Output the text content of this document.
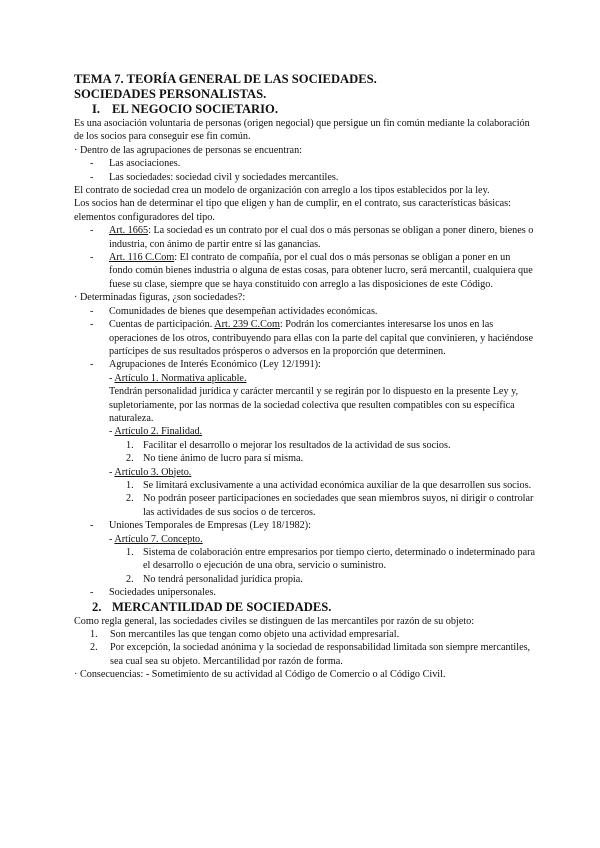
TEMA 7. TEORÍA GENERAL DE LAS SOCIEDADES.
SOCIEDADES PERSONALISTAS.
I. EL NEGOCIO SOCIETARIO.

Es una asociación voluntaria de personas (origen negocial) que persigue un fin común mediante la colaboración de los socios para conseguir ese fin común.

· Dentro de las agrupaciones de personas se encuentran:

- Las asociaciones.
- Las sociedades: sociedad civil y sociedades mercantiles.

El contrato de sociedad crea un modelo de organización con arreglo a los tipos establecidos por la ley.

Los socios han de determinar el tipo que eligen y han de cumplir, en el contrato, sus características básicas: elementos configuradores del tipo.

- Art. 1665: La sociedad es un contrato por el cual dos o más personas se obligan a poner dinero, bienes o industria, con ánimo de partir entre sí las ganancias.
- Art. 116 C.Com: El contrato de compañía, por el cual dos o más personas se obligan a poner en un fondo común bienes industria o alguna de estas cosas, para obtener lucro, será mercantil, cualquiera que fuese su clase, siempre que se haya constituido con arreglo a las disposiciones de este Código.

· Determinadas figuras, ¿son sociedades?:

- Comunidades de bienes que desempeñan actividades económicas.
- Cuentas de participación. Art. 239 C.Com: Podrán los comerciantes interesarse los unos en las operaciones de los otros, contribuyendo para ellas con la parte del capital que convinieren, y haciéndose partícipes de sus resultados prósperos o adversos en la proporción que determinen.
- Agrupaciones de Interés Económico (Ley 12/1991):
- Artículo 1. Normativa aplicable.
Tendrán personalidad jurídica y carácter mercantil y se regirán por lo dispuesto en la presente Ley y, supletoriamente, por las normas de la sociedad colectiva que resulten compatibles con su específica naturaleza.
- Artículo 2. Finalidad.
1. Facilitar el desarrollo o mejorar los resultados de la actividad de sus socios.
2. No tiene ánimo de lucro para sí misma.
- Artículo 3. Objeto.
1. Se limitará exclusivamente a una actividad económica auxiliar de la que desarrollen sus socios.
2. No podrán poseer participaciones en sociedades que sean miembros suyos, ni dirigir o controlar las actividades de sus socios o de terceros.
- Uniones Temporales de Empresas (Ley 18/1982):
- Artículo 7. Concepto.
1. Sistema de colaboración entre empresarios por tiempo cierto, determinado o indeterminado para el desarrollo o ejecución de una obra, servicio o suministro.
2. No tendrá personalidad jurídica propia.
- Sociedades unipersonales.
2. MERCANTILIDAD DE SOCIEDADES.

Como regla general, las sociedades civiles se distinguen de las mercantiles por razón de su objeto:

1. Son mercantiles las que tengan como objeto una actividad empresarial.
2. Por excepción, la sociedad anónima y la sociedad de responsabilidad limitada son siempre mercantiles, sea cual sea su objeto. Mercantilidad por razón de forma.

· Consecuencias: - Sometimiento de su actividad al Código de Comercio o al Código Civil.
